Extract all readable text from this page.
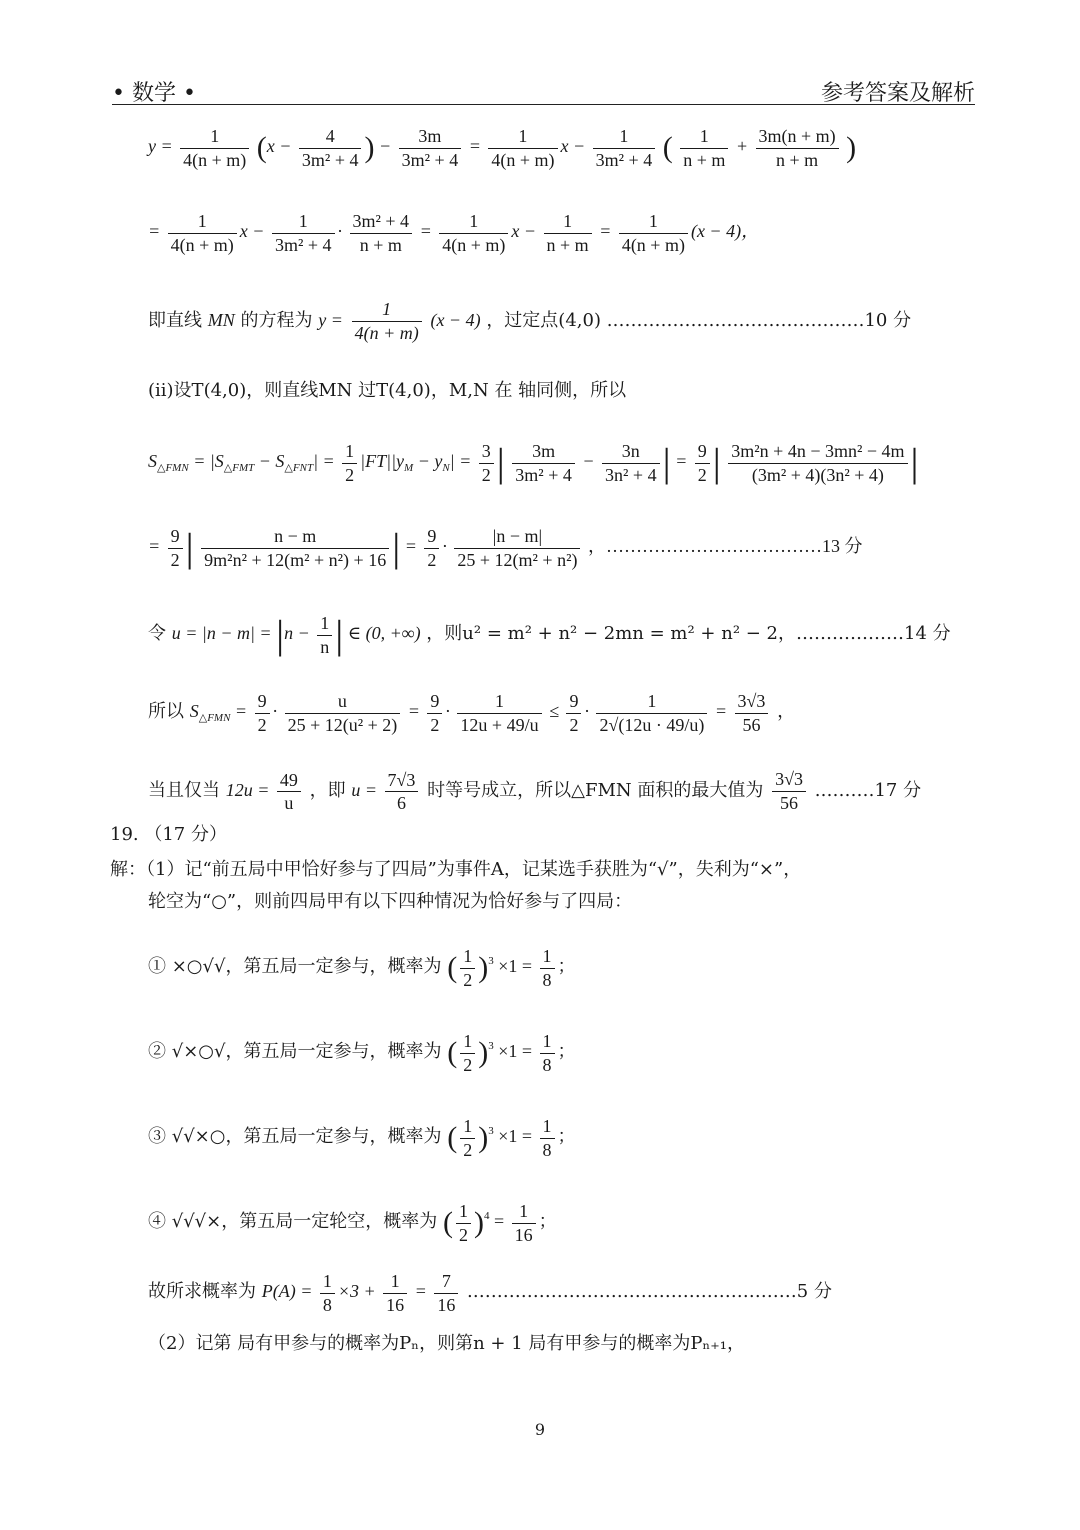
• 数学 •	参考答案及解析
$y = \frac{1}{4(n + m)} (x - \frac{4}{\text{3m² + 4}}$ ) − $\frac{3m}{\text{3m² + 4}} = \frac{1}{4(n + m)}$ $x - \frac{1}{\text{3m² + 4}}$ ( $\frac{1}{n + m} + \frac{3m(n + m)}{n + m}$ )
= $\frac{1}{4(n + m)}$ $x - \frac{1}{\text{3m² + 4}} \cdot \frac{\text{3m² + 4}}{n + m} = \frac{1}{4(n + m)}$ $x - \frac{1}{n + m} = \frac{1}{4(n + m)} (x - 4)$，
即直线 MN 的方程为 $y = \frac{1}{4(n + m)} (x - 4)$ ，过定点(4,0) .……………………………………10 分
(ii)设T(4,0)，则直线MN 过T(4,0)，M,N 在 轴同侧，所以
$S_{\triangle FMN} = |S_{\triangle FMT} - S_{\triangle FNT}| = \frac{1}{2} |FT||y_M - y_N| = \frac{3}{2}$ | $\frac{3m}{\text{3m² + 4}} - \frac{3n}{\text{3n² + 4}}$ | = $\frac{9}{2}$ | $\frac{\text{3m²n + 4n − 3mn² − 4m}}{\text{(3m² + 4)(3n² + 4)}}$ |
= $\frac{9}{2}$ | $\frac{n - m}{\text{9m²n² + 12(m² + n²) + 16}}$ | = $\frac{9}{2} \cdot \frac{|n - m|}{\text{25 + 12(m² + n²)}}$ ，………………………………13 分
令 $u = |n - m| = |n - \frac{1}{n}$ | ∈ (0, +∞) ，则u² = m² + n² − 2mn = m² + n² − 2，………………14 分
所以 $S_{\triangle FMN} = \frac{9}{2} \cdot \frac{u}{\text{25 + 12(u² + 2)}} = \frac{9}{2} \cdot \frac{1}{12u + 49/u} \le \frac{9}{2} \cdot \frac{1}{2√(12u \cdot 49/u)} = \frac{3√3}{56}$ ，
当且仅当 $12u = \frac{49}{u}$ ，即 $u = \frac{7√3}{6}$ 时等号成立，所以△FMN 面积的最大值为 $\frac{3√3}{56}$ .………17 分
19. （17 分）
解：（1）记“前五局中甲恰好参与了四局”为事件A，记某选手获胜为“√”，失利为“×”，
轮空为“○”，则前四局甲有以下四种情况为恰好参与了四局：
① ×○√√，第五局一定参与，概率为 ( $\frac{1}{2} )^3 \times 1 = \frac{1}{8}$ ；
② √×○√，第五局一定参与，概率为 ( $\frac{1}{2} )^3 \times 1 = \frac{1}{8}$ ；
③ √√×○，第五局一定参与，概率为 ( $\frac{1}{2} )^3 \times 1 = \frac{1}{8}$ ；
④ √√√×，第五局一定轮空，概率为 ( $\frac{1}{2} )^4 = \frac{1}{16}$ ；
故所求概率为 $P(A) = \frac{1}{8} \times 3 + \frac{1}{16} = \frac{7}{16}$ .………………………………………………5 分
（2）记第 局有甲参与的概率为Pₙ，则第n + 1 局有甲参与的概率为Pₙ₊₁，
9
